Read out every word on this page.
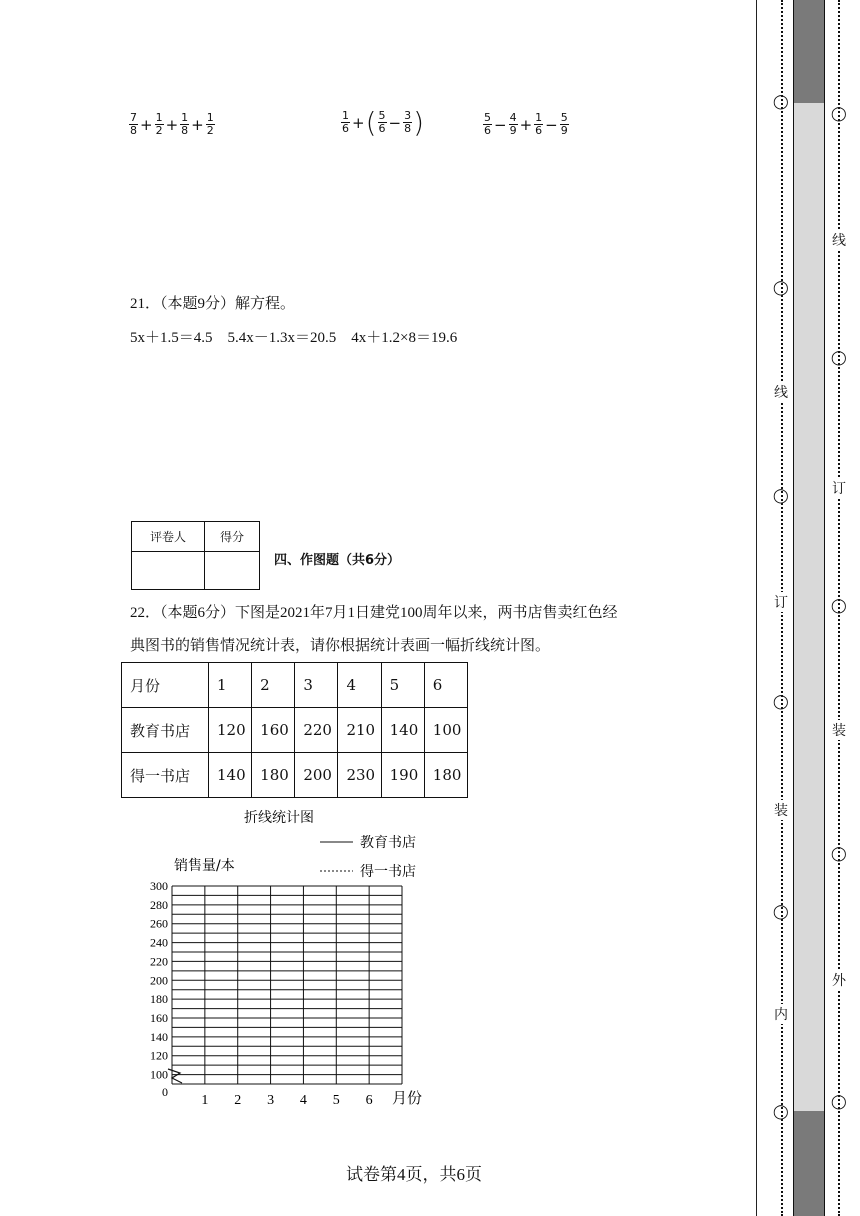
$\frac{7}{8} + \frac{1}{2} + \frac{1}{8} + \frac{1}{2}$	$\frac{1}{6}$ +( $\frac{5}{6} - \frac{3}{8}$ )	$\frac{5}{6} - \frac{4}{9} + \frac{1}{6} - \frac{5}{9}$
21．（本题9分）解方程。
5x＋1.5＝4.5　5.4x－1.3x＝20.5　4x＋1.2×8＝19.6
评卷人	得分

四、作图题（共6分）
22．（本题6分）下图是2021年7月1日建党100周年以来，两书店售卖红色经
典图书的销售情况统计表，请你根据统计表画一幅折线统计图。
月份	1	2	3	4	5	6
教育书店	120	160	220	210	140	100
得一书店	140	180	200	230	190	180
折线统计图
教育书店
得一书店
销售量/本
0
100
120
140
160
180
200
220
240
260
280
300
1 2 3 4 5 6 月份
试卷第4页，共6页
◯
◯
◯
◯
◯
◯
线
订
装
内
◯
◯
◯
◯
◯
线
订
装
外
